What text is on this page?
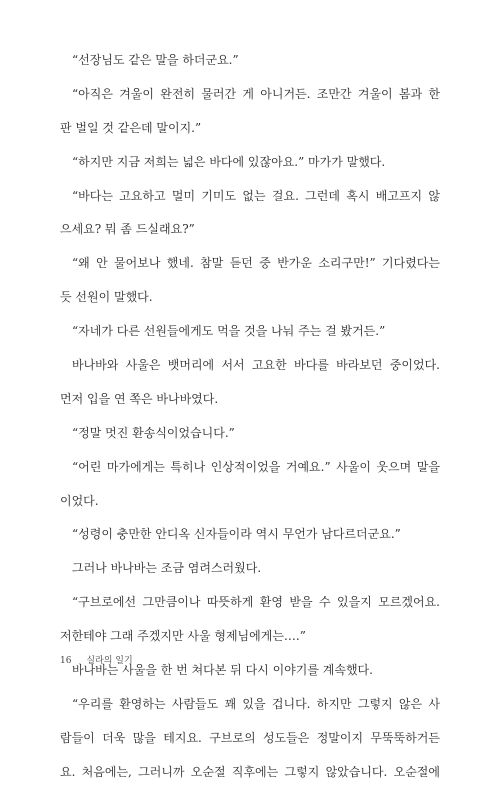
“선장님도 같은 말을 하더군요.”
“아직은 겨울이 완전히 물러간 게 아니거든. 조만간 겨울이 봄과 한
판 벌일 것 같은데 말이지.”
“하지만 지금 저희는 넓은 바다에 있잖아요.” 마가가 말했다.
“바다는 고요하고 멀미 기미도 없는 걸요. 그런데 혹시 배고프지 않
으세요? 뭐 좀 드실래요?”
“왜 안 물어보나 했네. 참말 듣던 중 반가운 소리구만!” 기다렸다는
듯 선원이 말했다.
“자네가 다른 선원들에게도 먹을 것을 나눠 주는 걸 봤거든.”
바나바와 사울은 뱃머리에 서서 고요한 바다를 바라보던 중이었다.
먼저 입을 연 쪽은 바나바였다.
“정말 멋진 환송식이었습니다.”
“어린 마가에게는 특히나 인상적이었을 거예요.” 사울이 웃으며 말을
이었다.
“성령이 충만한 안디옥 신자들이라 역시 무언가 남다르더군요.”
그러나 바나바는 조금 염려스러웠다.
“구브로에선 그만큼이나 따뜻하게 환영 받을 수 있을지 모르겠어요.
저한테야 그래 주겠지만 사울 형제님에게는….”
바나바는 사울을 한 번 쳐다본 뒤 다시 이야기를 계속했다.
“우리를 환영하는 사람들도 꽤 있을 겁니다. 하지만 그렇지 않은 사
람들이 더욱 많을 테지요. 구브로의 성도들은 정말이지 무뚝뚝하거든
요. 처음에는, 그러니까 오순절 직후에는 그렇지 않았습니다. 오순절에
16 실라의 일기
